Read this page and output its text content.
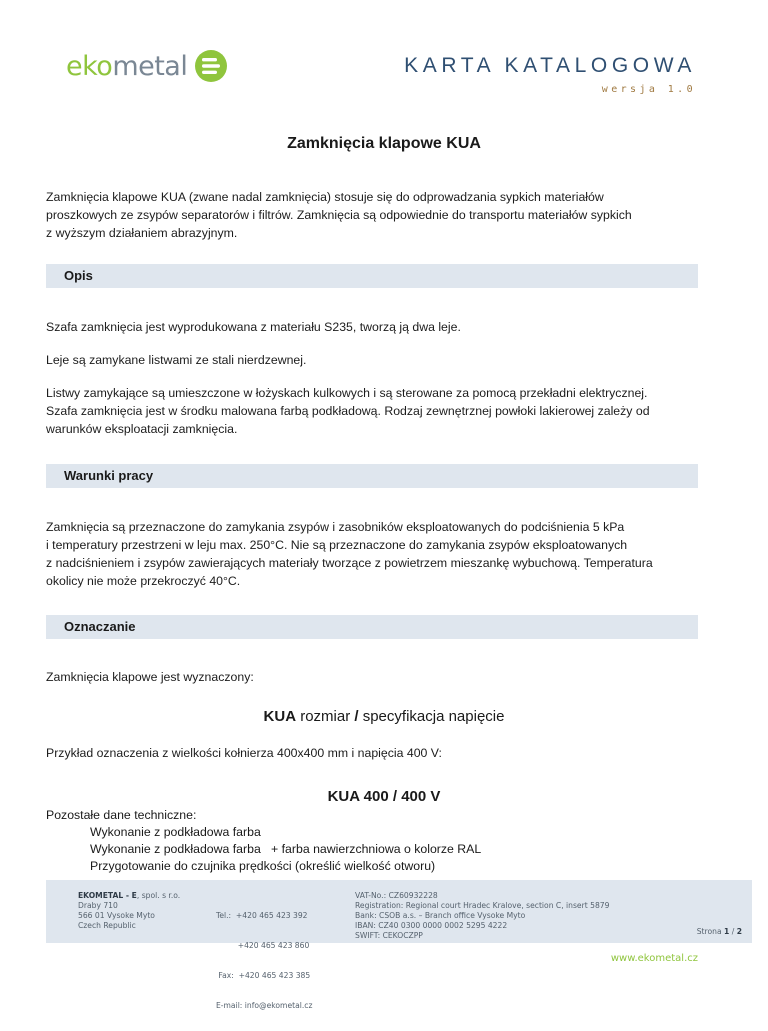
ekometal	KARTA KATALOGOWA
wersja 1.0
Zamknięcia klapowe KUA
Zamknięcia klapowe KUA (zwane nadal zamknięcia) stosuje się do odprowadzania sypkich materiałów
proszkowych ze zsypów separatorów i filtrów. Zamknięcia są odpowiednie do transportu materiałów sypkich
z wyższym działaniem abrazyjnym.
Opis
Szafa zamknięcia jest wyprodukowana z materiału S235, tworzą ją dwa leje.
Leje są zamykane listwami ze stali nierdzewnej.
Listwy zamykające są umieszczone w łożyskach kulkowych i są sterowane za pomocą przekładni elektrycznej.
Szafa zamknięcia jest w środku malowana farbą podkładową. Rodzaj zewnętrznej powłoki lakierowej zależy od
warunków eksploatacji zamknięcia.
Warunki pracy
Zamknięcia są przeznaczone do zamykania zsypów i zasobników eksploatowanych do podciśnienia 5 kPa
i temperatury przestrzeni w leju max. 250°C. Nie są przeznaczone do zamykania zsypów eksploatowanych
z nadciśnieniem i zsypów zawierających materiały tworzące z powietrzem mieszankę wybuchową. Temperatura
okolicy nie może przekroczyć 40°C.
Oznaczanie
Zamknięcia klapowe jest wyznaczony:
KUA rozmiar / specyfikacja napięcie
Przykład oznaczenia z wielkości kołnierza 400x400 mm i napięcia 400 V:
KUA 400 / 400 V
Pozostałe dane techniczne:
Wykonanie z podkładowa farba
Wykonanie z podkładowa farba   + farba nawierzchniowa o kolorze RAL
Przygotowanie do czujnika prędkości (określić wielkość otworu)
EKOMETAL - E, spol. s r.o.
Draby 710
566 01 Vysoke Myto
Czech Republic

Tel.:  +420 465 423 392

+420 465 423 860

Fax:  +420 465 423 385

E-mail: info@ekometal.cz

VAT-No.: CZ60932228
Registration: Regional court Hradec Kralove, section C, insert 5879
Bank: CSOB a.s. – Branch office Vysoke Myto
IBAN: CZ40 0300 0000 0002 5295 4222
SWIFT: CEKOCZPP	Strona 1 / 2
www.ekometal.cz
